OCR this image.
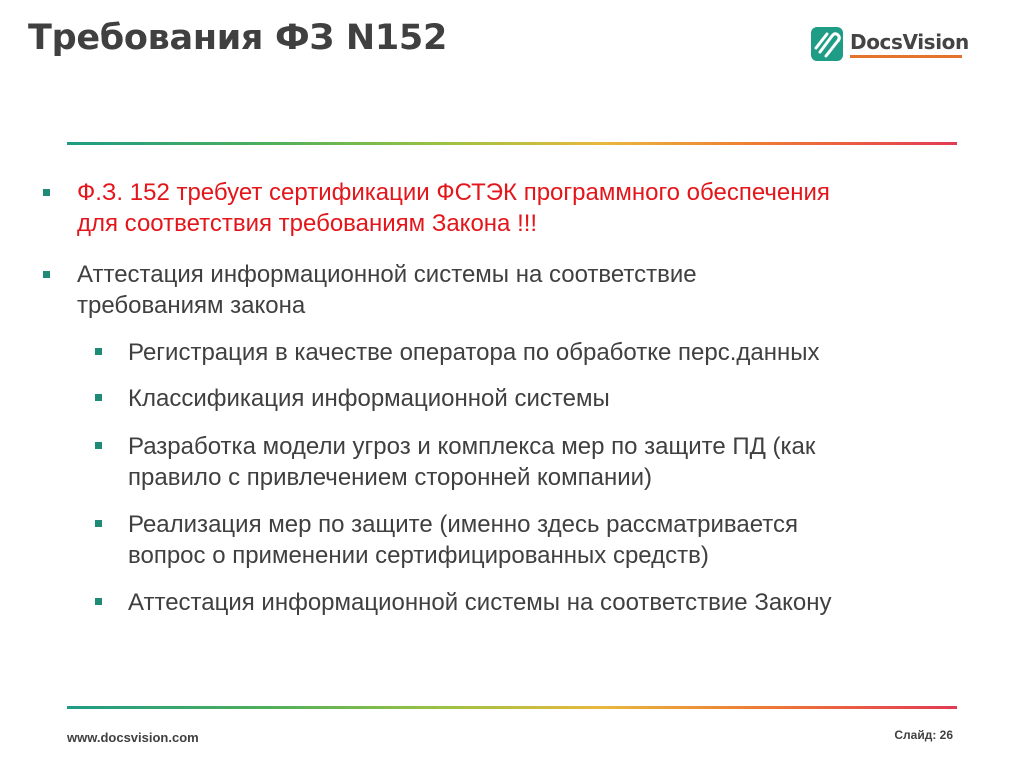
Требования ФЗ N152	DocsVision
Ф.З. 152 требует сертификации ФСТЭК программного обеспечения
для соответствия требованиям Закона !!!
Аттестация информационной системы на соответствие
требованиям закона
Регистрация в качестве оператора по обработке перс.данных
Классификация информационной системы
Разработка модели угроз и комплекса мер по защите ПД (как
правило с привлечением сторонней компании)
Реализация мер по защите (именно здесь рассматривается
вопрос о применении сертифицированных средств)
Аттестация информационной системы на соответствие Закону
www.docsvision.com	Слайд: 26
